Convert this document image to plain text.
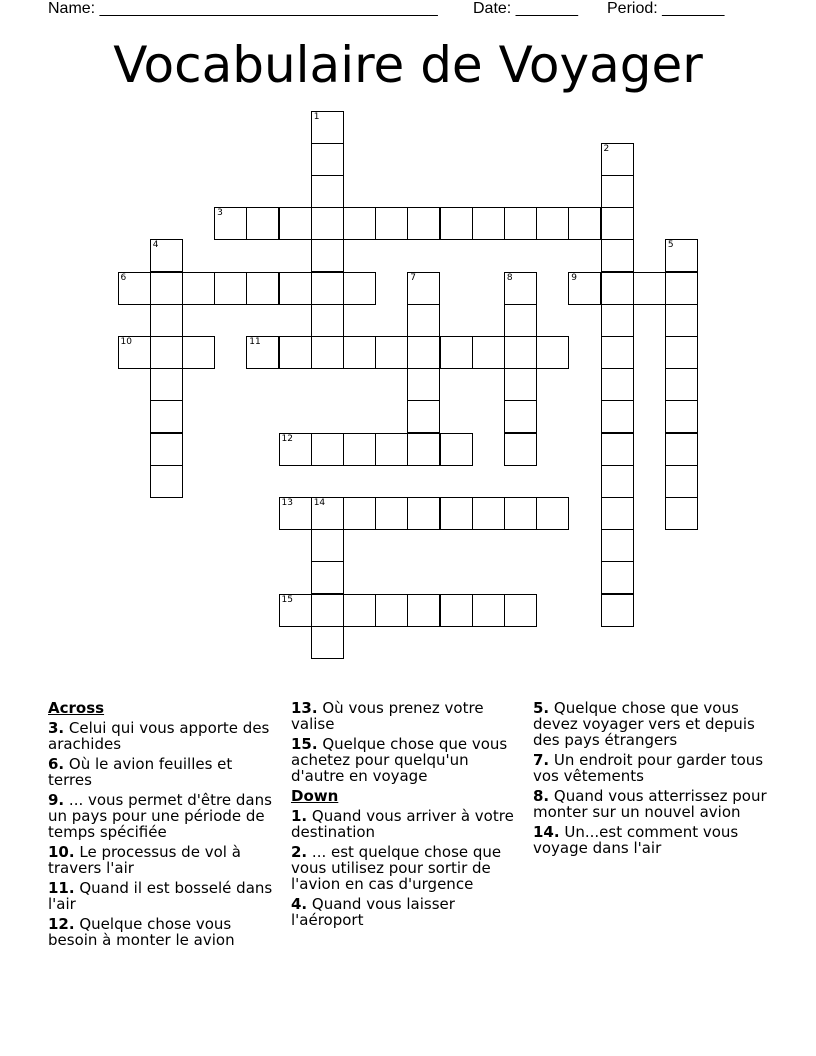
Name: ______________________________________ Date: _______ Period: _______
Vocabulaire de Voyager
1
2
3
4	5
6	7	8	9
10	11
12
13 14
15
Across
3. Celui qui vous apporte des arachides
6. Où le avion feuilles et terres
9. ... vous permet d'être dans un pays pour une période de temps spécifiée
10. Le processus de vol à travers l'air
11. Quand il est bosselé dans l'air
12. Quelque chose vous besoin à monter le avion
13. Où vous prenez votre valise
15. Quelque chose que vous achetez pour quelqu'un d'autre en voyage
Down
1. Quand vous arriver à votre destination
2. ... est quelque chose que vous utilisez pour sortir de l'avion en cas d'urgence
4. Quand vous laisser l'aéroport
5. Quelque chose que vous devez voyager vers et depuis des pays étrangers
7. Un endroit pour garder tous vos vêtements
8. Quand vous atterrissez pour monter sur un nouvel avion
14. Un...est comment vous voyage dans l'air
